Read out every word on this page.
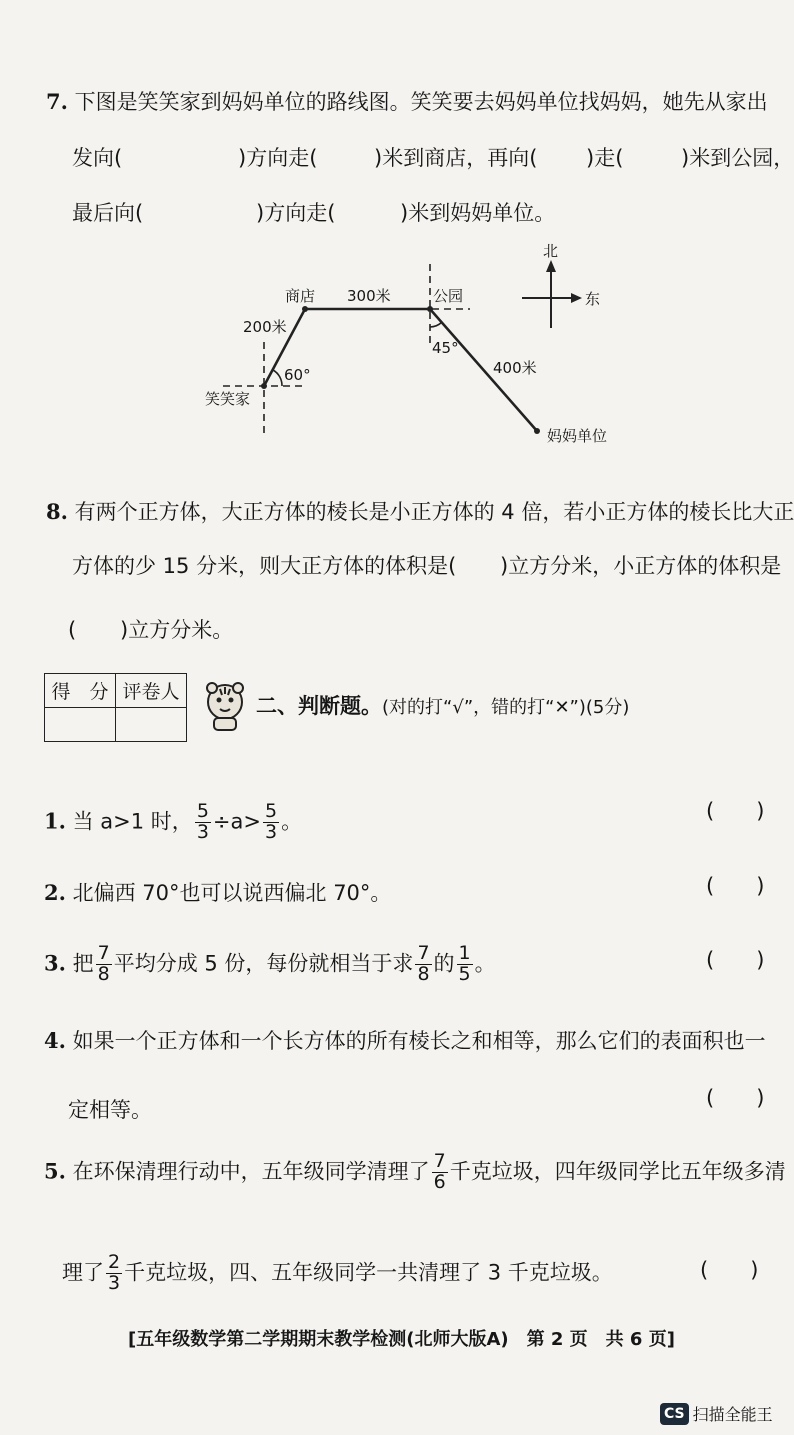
7. 下图是笑笑家到妈妈单位的路线图。笑笑要去妈妈单位找妈妈，她先从家出
发向(	)方向走(	)米到商店，再向( )走(	)米到公园，
最后向(	)方向走(	)米到妈妈单位。
笑笑家
商店	公园
妈妈单位
200米
300米
400米
60°
45°
北
东
8. 有两个正方体，大正方体的棱长是小正方体的 4 倍，若小正方体的棱长比大正
方体的少 15 分米，则大正方体的体积是( )立方分米，小正方体的体积是
( )立方分米。
得　分	评卷人

二、判断题。(对的打“√”，错的打“✕”)(5分)
1. 当 a>1 时， $\frac{5}{3} \div a> \frac{5}{3}$ 。	(　　)
2. 北偏西 70°也可以说西偏北 70°。	(　　)
3. 把 $\frac{7}{8}$ 平均分成 5 份，每份就相当于求 $\frac{7}{8}$ 的 $\frac{1}{5}$ 。	(　　)
4. 如果一个正方体和一个长方体的所有棱长之和相等，那么它们的表面积也一
定相等。	(　　)
5. 在环保清理行动中，五年级同学清理了 $\frac{7}{6}$ 千克垃圾，四年级同学比五年级多清
理了 $\frac{2}{3}$ 千克垃圾，四、五年级同学一共清理了 3 千克垃圾。	(　　)
[五年级数学第二学期期末教学检测(北师大版A)　第 2 页　共 6 页]
CS 扫描全能王
